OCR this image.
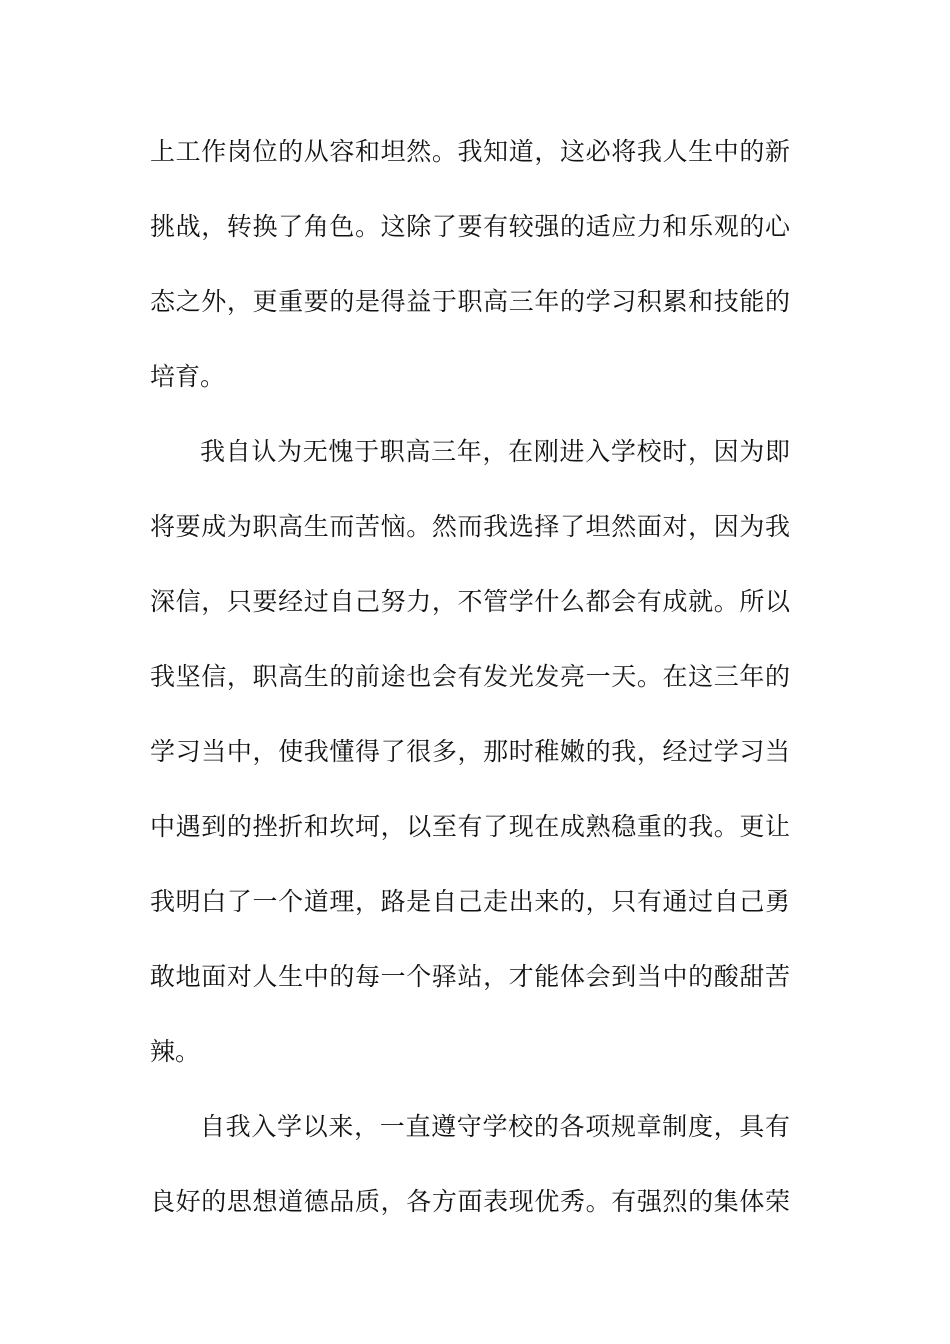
上工作岗位的从容和坦然。我知道，这必将我人生中的新

挑战，转换了角色。这除了要有较强的适应力和乐观的心

态之外，更重要的是得益于职高三年的学习积累和技能的

培育。

我自认为无愧于职高三年，在刚进入学校时，因为即

将要成为职高生而苦恼。然而我选择了坦然面对，因为我

深信，只要经过自己努力，不管学什么都会有成就。所以

我坚信，职高生的前途也会有发光发亮一天。在这三年的

学习当中，使我懂得了很多，那时稚嫩的我，经过学习当

中遇到的挫折和坎坷，以至有了现在成熟稳重的我。更让

我明白了一个道理，路是自己走出来的，只有通过自己勇

敢地面对人生中的每一个驿站，才能体会到当中的酸甜苦

辣。

自我入学以来，一直遵守学校的各项规章制度，具有

良好的思想道德品质，各方面表现优秀。有强烈的集体荣
